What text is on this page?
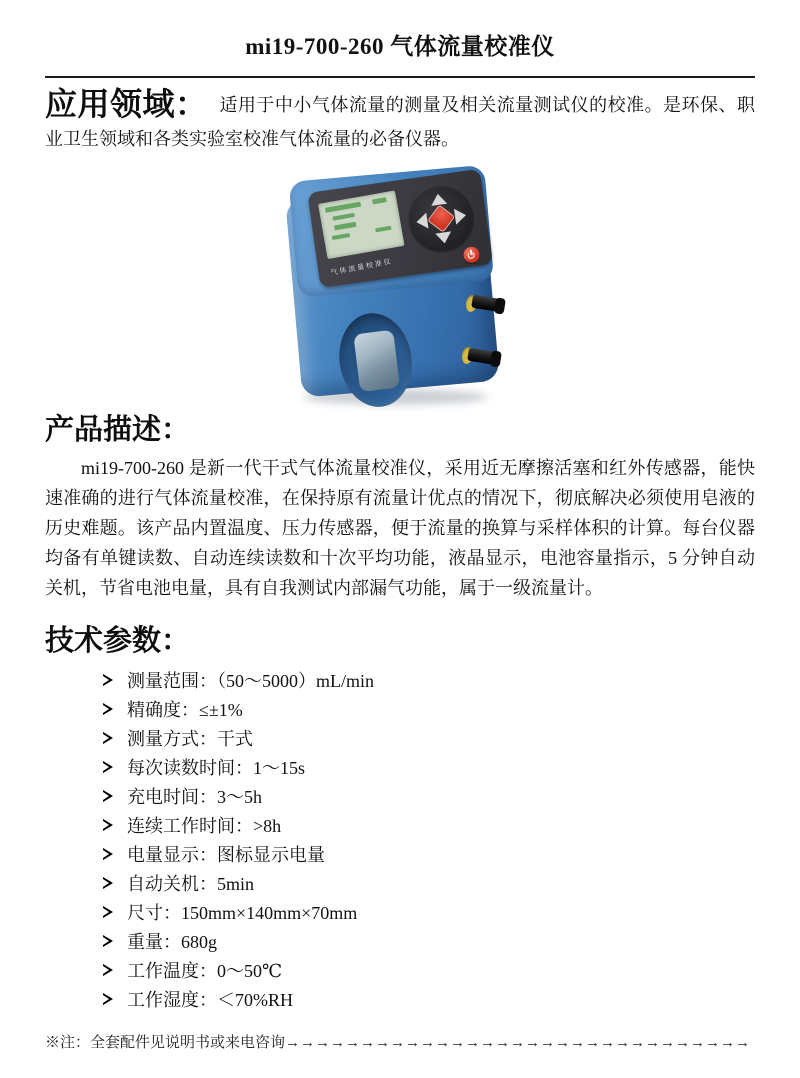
mi19-700-260 气体流量校准仪

应用领域： 适用于中小气体流量的测量及相关流量测试仪的校准。是环保、职业卫生领域和各类实验室校准气体流量的必备仪器。

气体流量校准仪
产品描述：

mi19-700-260 是新一代干式气体流量校准仪，采用近无摩擦活塞和红外传感器，能快速准确的进行气体流量校准，在保持原有流量计优点的情况下，彻底解决必须使用皂液的历史难题。该产品内置温度、压力传感器，便于流量的换算与采样体积的计算。每台仪器均备有单键读数、自动连续读数和十次平均功能，液晶显示，电池容量指示，5 分钟自动关机，节省电池电量，具有自我测试内部漏气功能，属于一级流量计。

技术参数：
测量范围：（50～5000）mL/min
精确度：≤±1%
测量方式：干式
每次读数时间：1～15s
充电时间：3～5h
连续工作时间：>8h
电量显示：图标显示电量
自动关机：5min
尺寸：150mm×140mm×70mm
重量：680g
工作温度：0～50℃
工作湿度：＜70%RH
※注：全套配件见说明书或来电咨询→→→→→→→→→→→→→→→→→→→→→→→→→→→→→→→
